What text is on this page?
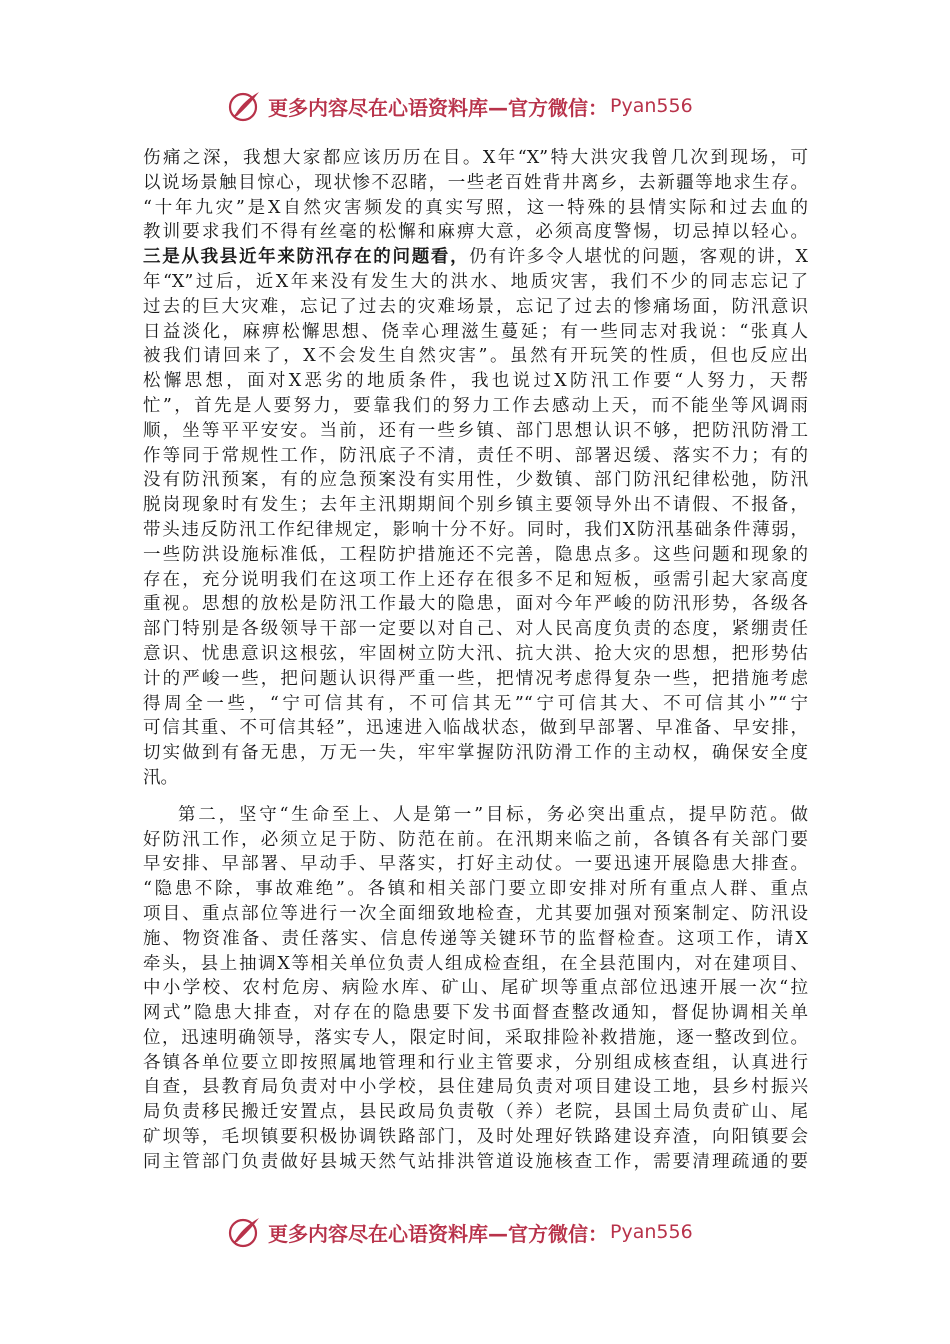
更多内容尽在心语资料库—官方微信： Pyan556
伤痛之深，我想大家都应该历历在目。X年“X”特大洪灾我曾几次到现场，可
以说场景触目惊心，现状惨不忍睹，一些老百姓背井离乡，去新疆等地求生存。
“十年九灾”是X自然灾害频发的真实写照，这一特殊的县情实际和过去血的
教训要求我们不得有丝毫的松懈和麻痹大意，必须高度警惕，切忌掉以轻心。
三是从我县近年来防汛存在的问题看，仍有许多令人堪忧的问题，客观的讲，X
年“X”过后，近X年来没有发生大的洪水、地质灾害，我们不少的同志忘记了
过去的巨大灾难，忘记了过去的灾难场景，忘记了过去的惨痛场面，防汛意识
日益淡化，麻痹松懈思想、侥幸心理滋生蔓延；有一些同志对我说：“张真人
被我们请回来了，X不会发生自然灾害”。虽然有开玩笑的性质，但也反应出
松懈思想，面对X恶劣的地质条件，我也说过X防汛工作要“人努力，天帮
忙”，首先是人要努力，要靠我们的努力工作去感动上天，而不能坐等风调雨
顺，坐等平平安安。当前，还有一些乡镇、部门思想认识不够，把防汛防滑工
作等同于常规性工作，防汛底子不清，责任不明、部署迟缓、落实不力；有的
没有防汛预案，有的应急预案没有实用性，少数镇、部门防汛纪律松弛，防汛
脱岗现象时有发生；去年主汛期期间个别乡镇主要领导外出不请假、不报备，
带头违反防汛工作纪律规定，影响十分不好。同时，我们X防汛基础条件薄弱，
一些防洪设施标准低，工程防护措施还不完善，隐患点多。这些问题和现象的
存在，充分说明我们在这项工作上还存在很多不足和短板，亟需引起大家高度
重视。思想的放松是防汛工作最大的隐患，面对今年严峻的防汛形势，各级各
部门特别是各级领导干部一定要以对自己、对人民高度负责的态度，紧绷责任
意识、忧患意识这根弦，牢固树立防大汛、抗大洪、抢大灾的思想，把形势估
计的严峻一些，把问题认识得严重一些，把情况考虑得复杂一些，把措施考虑
得周全一些，“宁可信其有，不可信其无”“宁可信其大、不可信其小”“宁
可信其重、不可信其轻”，迅速进入临战状态，做到早部署、早准备、早安排，
切实做到有备无患，万无一失，牢牢掌握防汛防滑工作的主动权，确保安全度
汛。
第二，坚守“生命至上、人是第一”目标，务必突出重点，提早防范。做
好防汛工作，必须立足于防、防范在前。在汛期来临之前，各镇各有关部门要
早安排、早部署、早动手、早落实，打好主动仗。一要迅速开展隐患大排查。
“隐患不除，事故难绝”。各镇和相关部门要立即安排对所有重点人群、重点
项目、重点部位等进行一次全面细致地检查，尤其要加强对预案制定、防汛设
施、物资准备、责任落实、信息传递等关键环节的监督检查。这项工作，请X
牵头，县上抽调X等相关单位负责人组成检查组，在全县范围内，对在建项目、
中小学校、农村危房、病险水库、矿山、尾矿坝等重点部位迅速开展一次“拉
网式”隐患大排查，对存在的隐患要下发书面督查整改通知，督促协调相关单
位，迅速明确领导，落实专人，限定时间，采取排险补救措施，逐一整改到位。
各镇各单位要立即按照属地管理和行业主管要求，分别组成核查组，认真进行
自查，县教育局负责对中小学校，县住建局负责对项目建设工地，县乡村振兴
局负责移民搬迁安置点，县民政局负责敬（养）老院，县国土局负责矿山、尾
矿坝等，毛坝镇要积极协调铁路部门，及时处理好铁路建设弃渣，向阳镇要会
同主管部门负责做好县城天然气站排洪管道设施核查工作，需要清理疏通的要
更多内容尽在心语资料库—官方微信： Pyan556
